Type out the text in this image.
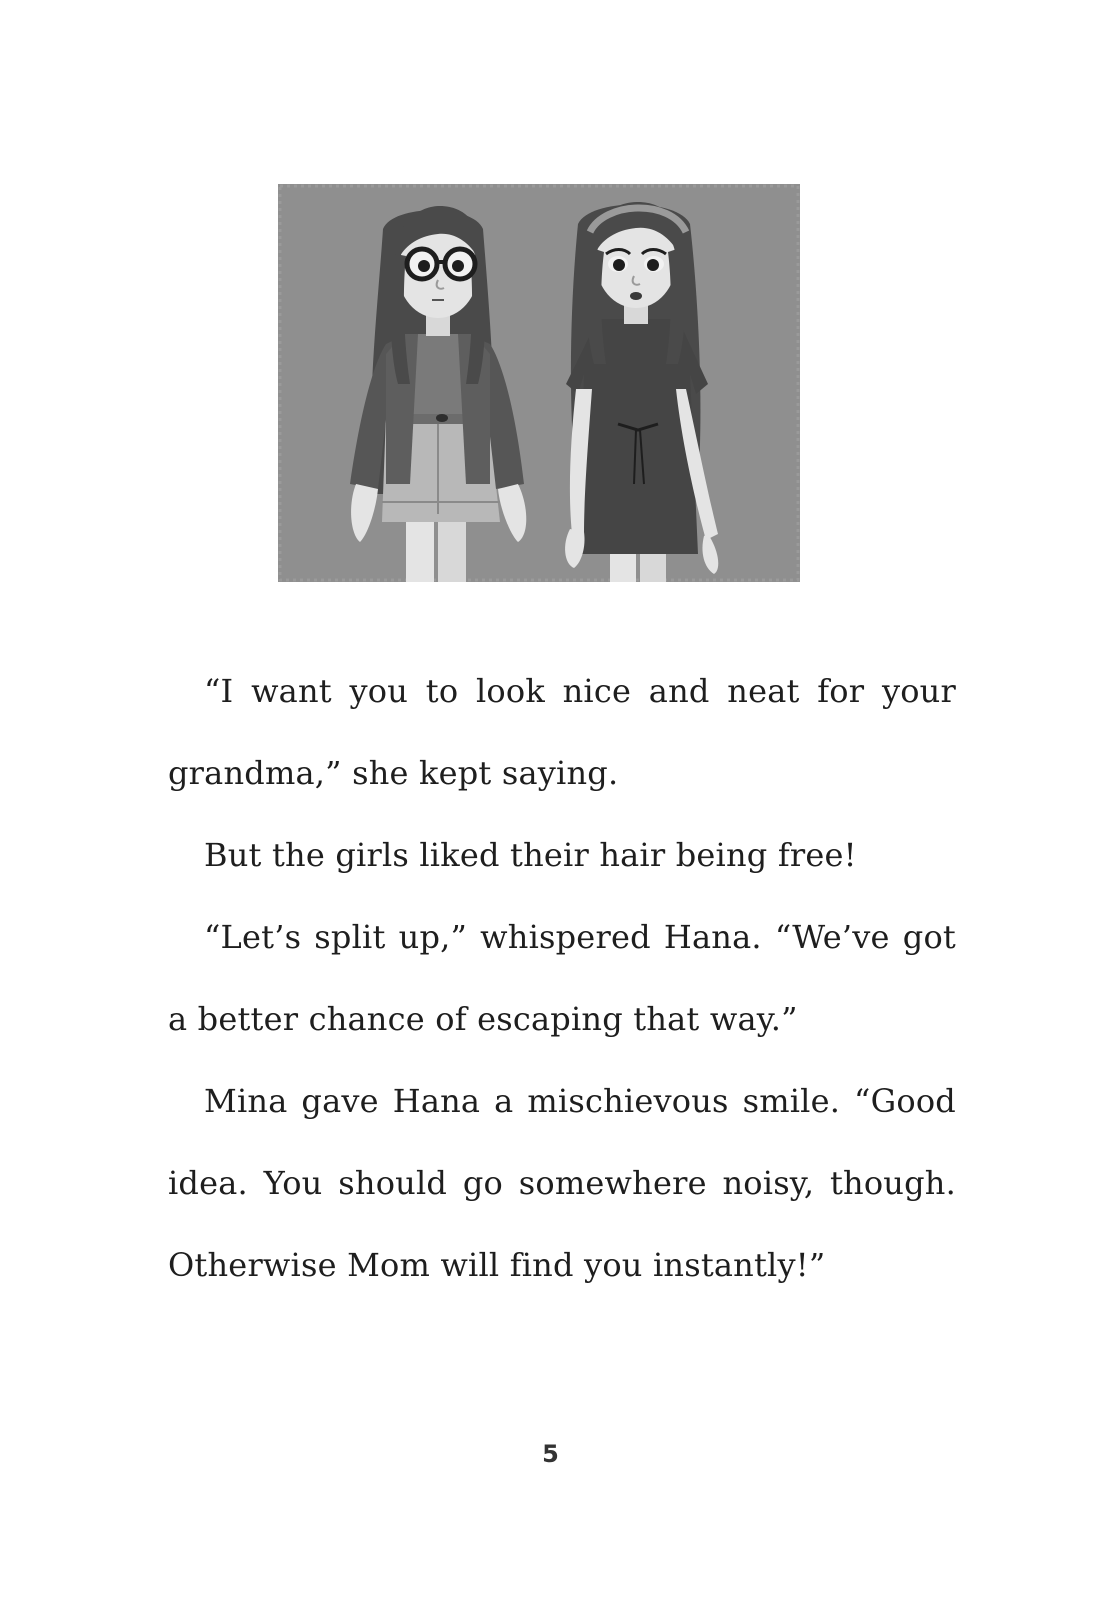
“I want you to look nice and neat for your grandma,” she kept saying.

But the girls liked their hair being free!

“Let’s split up,” whispered Hana. “We’ve got a better chance of escaping that way.”

Mina gave Hana a mischievous smile. “Good idea. You should go somewhere noisy, though. Otherwise Mom will find you instantly!”

5
